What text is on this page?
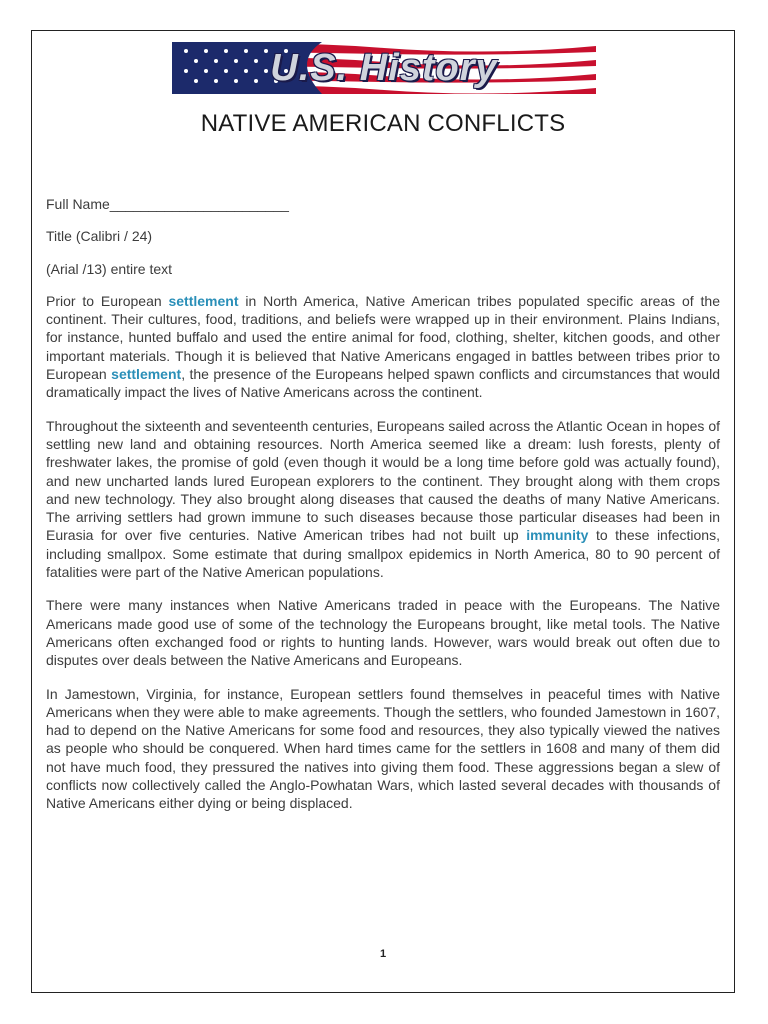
U.S. History
NATIVE AMERICAN CONFLICTS

Full Name_______________________

Title (Calibri / 24)

(Arial /13) entire text

Prior to European settlement in North America, Native American tribes populated specific areas of the continent. Their cultures, food, traditions, and beliefs were wrapped up in their environment. Plains Indians, for instance, hunted buffalo and used the entire animal for food, clothing, shelter, kitchen goods, and other important materials. Though it is believed that Native Americans engaged in battles between tribes prior to European settlement, the presence of the Europeans helped spawn conflicts and circumstances that would dramatically impact the lives of Native Americans across the continent.

Throughout the sixteenth and seventeenth centuries, Europeans sailed across the Atlantic Ocean in hopes of settling new land and obtaining resources. North America seemed like a dream: lush forests, plenty of freshwater lakes, the promise of gold (even though it would be a long time before gold was actually found), and new uncharted lands lured European explorers to the continent. They brought along with them crops and new technology. They also brought along diseases that caused the deaths of many Native Americans. The arriving settlers had grown immune to such diseases because those particular diseases had been in Eurasia for over five centuries. Native American tribes had not built up immunity to these infections, including smallpox. Some estimate that during smallpox epidemics in North America, 80 to 90 percent of fatalities were part of the Native American populations.

There were many instances when Native Americans traded in peace with the Europeans. The Native Americans made good use of some of the technology the Europeans brought, like metal tools. The Native Americans often exchanged food or rights to hunting lands. However, wars would break out often due to disputes over deals between the Native Americans and Europeans.

In Jamestown, Virginia, for instance, European settlers found themselves in peaceful times with Native Americans when they were able to make agreements. Though the settlers, who founded Jamestown in 1607, had to depend on the Native Americans for some food and resources, they also typically viewed the natives as people who should be conquered. When hard times came for the settlers in 1608 and many of them did not have much food, they pressured the natives into giving them food. These aggressions began a slew of conflicts now collectively called the Anglo-Powhatan Wars, which lasted several decades with thousands of Native Americans either dying or being displaced.

1
